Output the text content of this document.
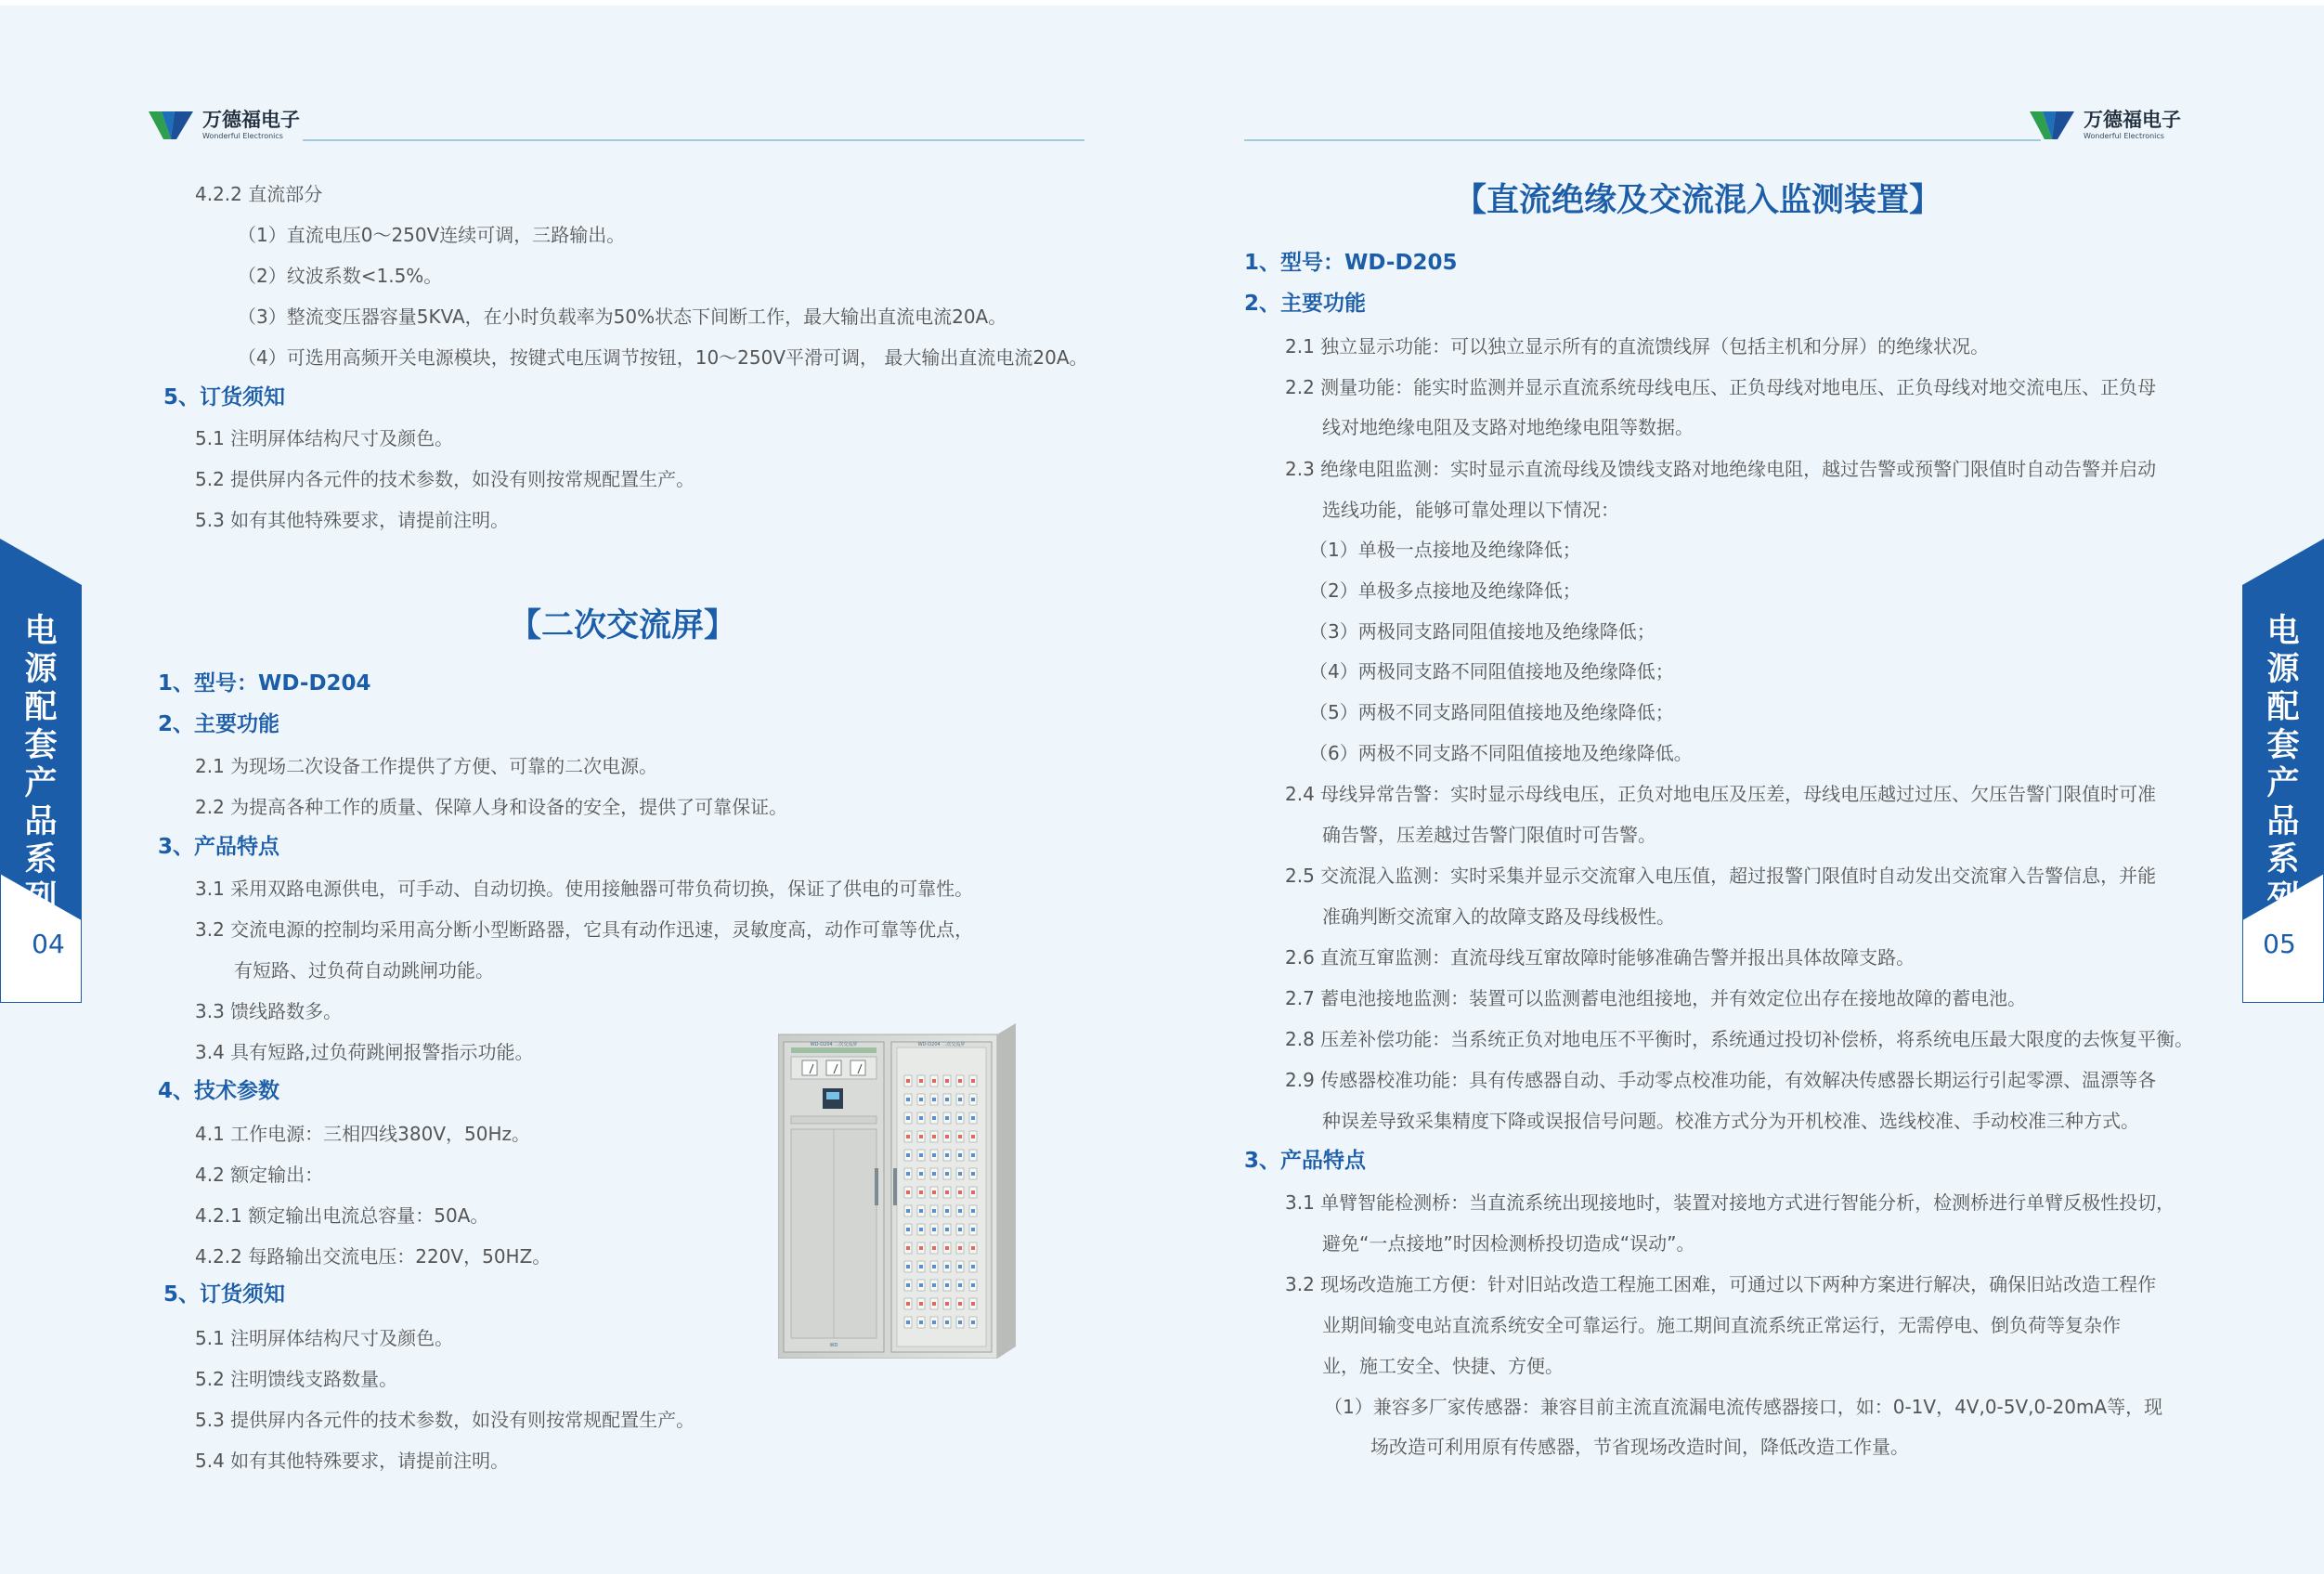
万德福电子
Wonderful Electronics
万德福电子
Wonderful Electronics
【二次交流屏】
【直流绝缘及交流混入监测装置】
4.2.2 直流部分
（1）直流电压0～250V连续可调，三路输出。
（2）纹波系数<1.5%。
（3）整流变压器容量5KVA，在小时负载率为50%状态下间断工作，最大输出直流电流20A。
（4）可选用高频开关电源模块，按键式电压调节按钮，10～250V平滑可调， 最大输出直流电流20A。
5、订货须知
5.1 注明屏体结构尺寸及颜色。
5.2 提供屏内各元件的技术参数，如没有则按常规配置生产。
5.3 如有其他特殊要求，请提前注明。
1、型号：WD-D204
2、主要功能
2.1 为现场二次设备工作提供了方便、可靠的二次电源。
2.2 为提高各种工作的质量、保障人身和设备的安全，提供了可靠保证。
3、产品特点
3.1 采用双路电源供电，可手动、自动切换。使用接触器可带负荷切换，保证了供电的可靠性。
3.2 交流电源的控制均采用高分断小型断路器，它具有动作迅速，灵敏度高，动作可靠等优点，
有短路、过负荷自动跳闸功能。
3.3 馈线路数多。
3.4 具有短路,过负荷跳闸报警指示功能。
4、技术参数
4.1 工作电源：三相四线380V，50Hz。
4.2 额定输出：
4.2.1 额定输出电流总容量：50A。
4.2.2 每路输出交流电压：220V，50HZ。
5、订货须知
5.1 注明屏体结构尺寸及颜色。
5.2 注明馈线支路数量。
5.3 提供屏内各元件的技术参数，如没有则按常规配置生产。
5.4 如有其他特殊要求，请提前注明。
1、型号：WD-D205
2、主要功能
2.1 独立显示功能：可以独立显示所有的直流馈线屏（包括主机和分屏）的绝缘状况。
2.2 测量功能：能实时监测并显示直流系统母线电压、正负母线对地电压、正负母线对地交流电压、正负母
线对地绝缘电阻及支路对地绝缘电阻等数据。
2.3 绝缘电阻监测：实时显示直流母线及馈线支路对地绝缘电阻，越过告警或预警门限值时自动告警并启动
选线功能，能够可靠处理以下情况：
（1）单极一点接地及绝缘降低；
（2）单极多点接地及绝缘降低；
（3）两极同支路同阻值接地及绝缘降低；
（4）两极同支路不同阻值接地及绝缘降低；
（5）两极不同支路同阻值接地及绝缘降低；
（6）两极不同支路不同阻值接地及绝缘降低。
2.4 母线异常告警：实时显示母线电压，正负对地电压及压差，母线电压越过过压、欠压告警门限值时可准
确告警，压差越过告警门限值时可告警。
2.5 交流混入监测：实时采集并显示交流窜入电压值，超过报警门限值时自动发出交流窜入告警信息，并能
准确判断交流窜入的故障支路及母线极性。
2.6 直流互窜监测：直流母线互窜故障时能够准确告警并报出具体故障支路。
2.7 蓄电池接地监测：装置可以监测蓄电池组接地，并有效定位出存在接地故障的蓄电池。
2.8 压差补偿功能：当系统正负对地电压不平衡时，系统通过投切补偿桥，将系统电压最大限度的去恢复平衡。
2.9 传感器校准功能：具有传感器自动、手动零点校准功能，有效解决传感器长期运行引起零漂、温漂等各
种误差导致采集精度下降或误报信号问题。校准方式分为开机校准、选线校准、手动校准三种方式。
3、产品特点
3.1 单臂智能检测桥：当直流系统出现接地时，装置对接地方式进行智能分析，检测桥进行单臂反极性投切，
避免“一点接地”时因检测桥投切造成“误动”。
3.2 现场改造施工方便：针对旧站改造工程施工困难，可通过以下两种方案进行解决，确保旧站改造工程作
业期间输变电站直流系统安全可靠运行。施工期间直流系统正常运行，无需停电、倒负荷等复杂作
业，施工安全、快捷、方便。
（1）兼容多厂家传感器：兼容目前主流直流漏电流传感器接口，如：0-1V，4V,0-5V,0-20mA等，现
场改造可利用原有传感器，节省现场改造时间，降低改造工作量。
电
源
配
套
产
品
系
列
04
电
源
配
套
产
品
系
列
05
WD-D204 二次交流屏
WD
WD-D204 二次交流屏
